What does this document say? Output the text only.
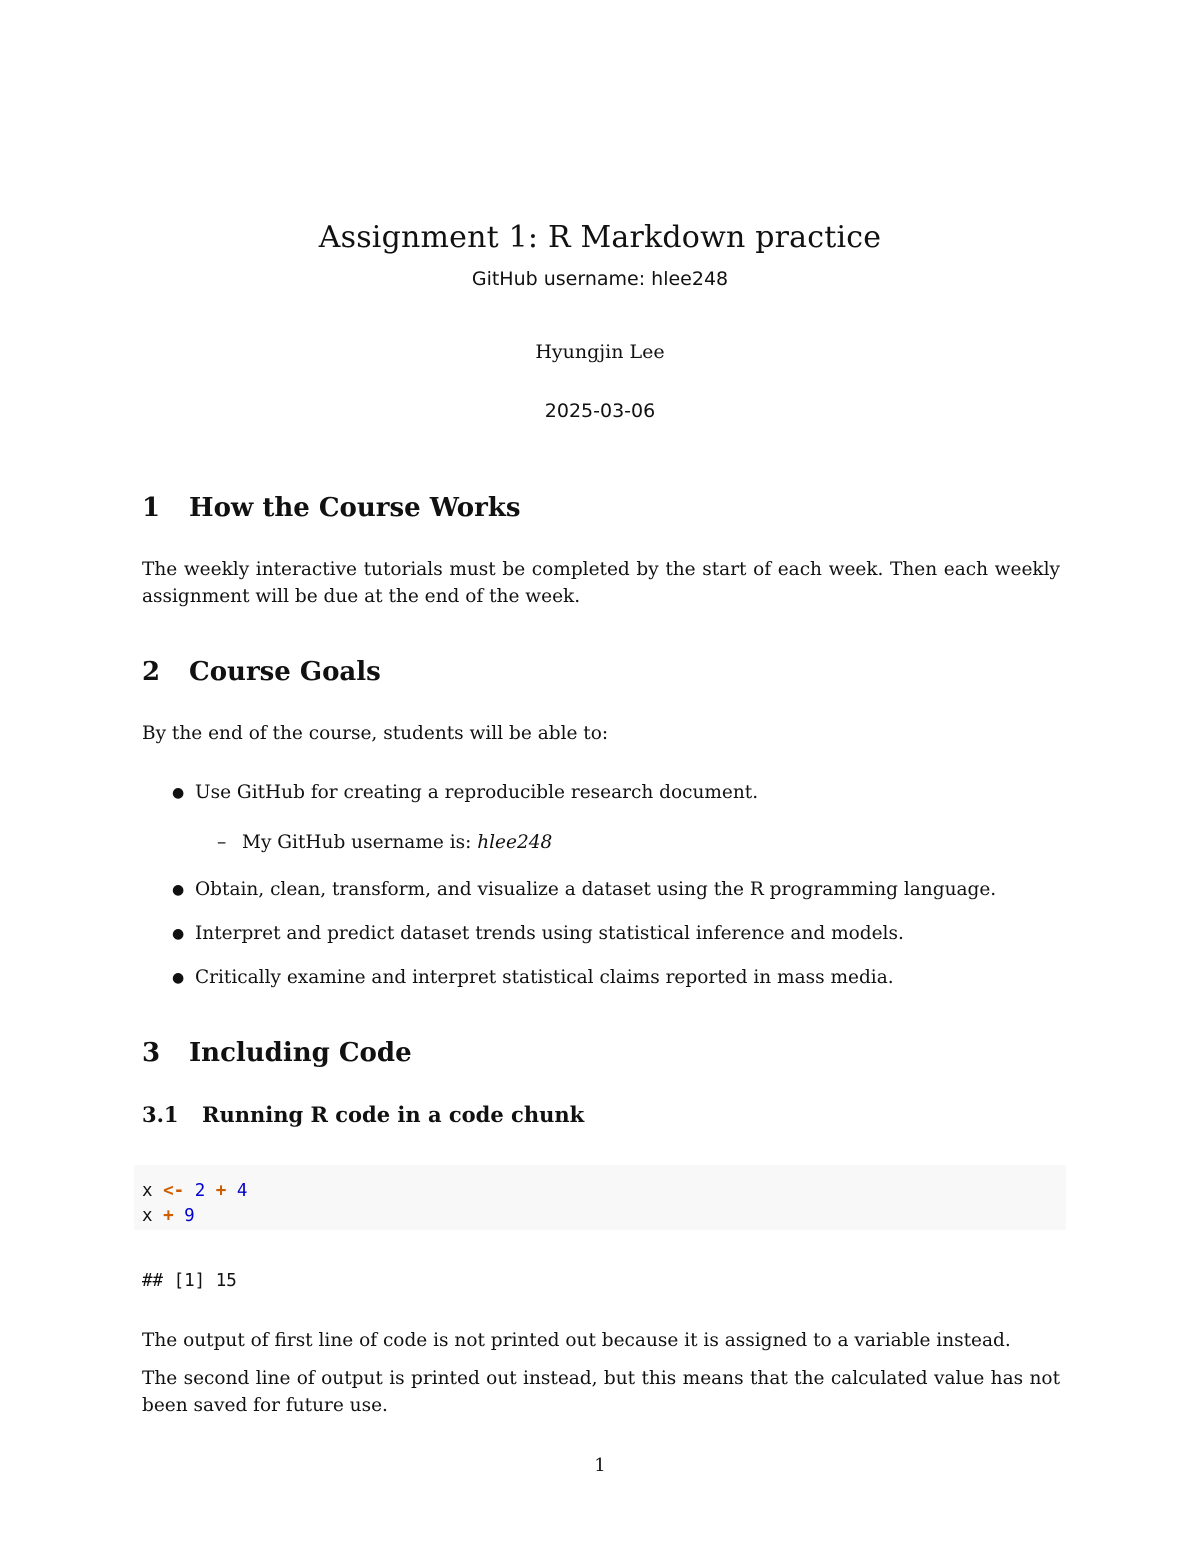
Assignment 1: R Markdown practice
GitHub username: hlee248
Hyungjin Lee
2025-03-06
1 How the Course Works
The weekly interactive tutorials must be completed by the start of each week. Then each weekly
assignment will be due at the end of the week.
2 Course Goals
By the end of the course, students will be able to:
● Use GitHub for creating a reproducible research document.
– My GitHub username is: hlee248
● Obtain, clean, transform, and visualize a dataset using the R programming language.
● Interpret and predict dataset trends using statistical inference and models.
● Critically examine and interpret statistical claims reported in mass media.
3 Including Code
3.1 Running R code in a code chunk
x <- 2 + 4
x + 9
## [1] 15
The output of first line of code is not printed out because it is assigned to a variable instead.
The second line of output is printed out instead, but this means that the calculated value has not
been saved for future use.
1
